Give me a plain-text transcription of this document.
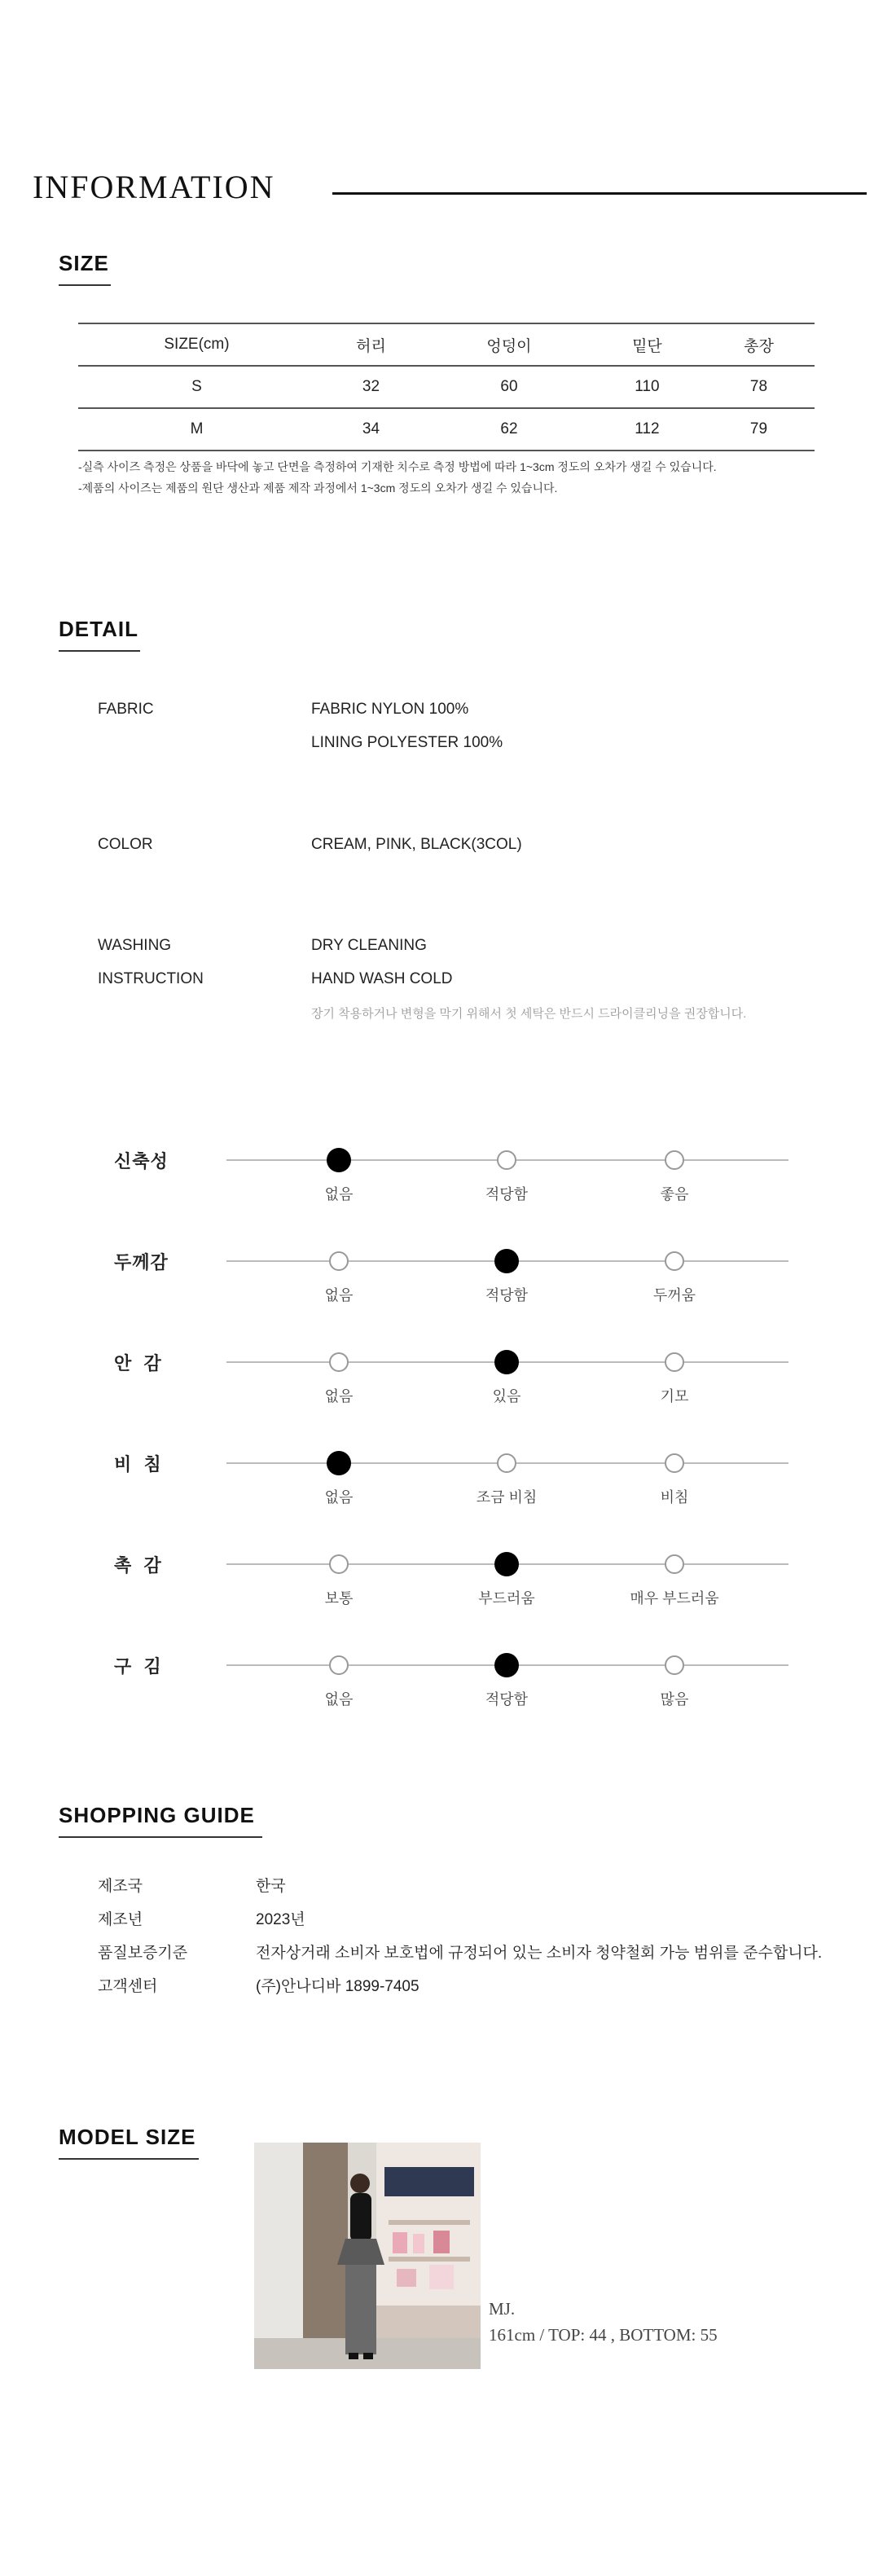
INFORMATION
SIZE
SIZE(cm)	허리	엉덩이	밑단	총장
S	32	60	110	78
M	34	62	112	79
-실측 사이즈 측정은 상품을 바닥에 놓고 단면을 측정하여 기재한 치수로 측정 방법에 따라 1~3cm 정도의 오차가 생길 수 있습니다.
-제품의 사이즈는 제품의 원단 생산과 제품 제작 과정에서 1~3cm 정도의 오차가 생길 수 있습니다.
DETAIL
FABRIC	FABRIC NYLON 100%
LINING POLYESTER 100%
COLOR	CREAM, PINK, BLACK(3COL)
WASHING
INSTRUCTION
DRY CLEANING
HAND WASH COLD
장기 착용하거나 변형을 막기 위해서 첫 세탁은 반드시 드라이클리닝을 권장합니다.
신축성
없음	적당함	좋음
두께감
없음	적당함	두꺼움
안  감
없음	있음	기모
비  침
없음	조금 비침	비침
촉  감
보통	부드러움	매우 부드러움
구  김
없음	적당함	많음
SHOPPING GUIDE
제조국	한국
제조년	2023년
품질보증기준	전자상거래 소비자 보호법에 규정되어 있는 소비자 청약철회 가능 범위를 준수합니다.
고객센터	(주)안나디바 1899-7405
MODEL SIZE
MJ.
161cm / TOP: 44 , BOTTOM: 55
